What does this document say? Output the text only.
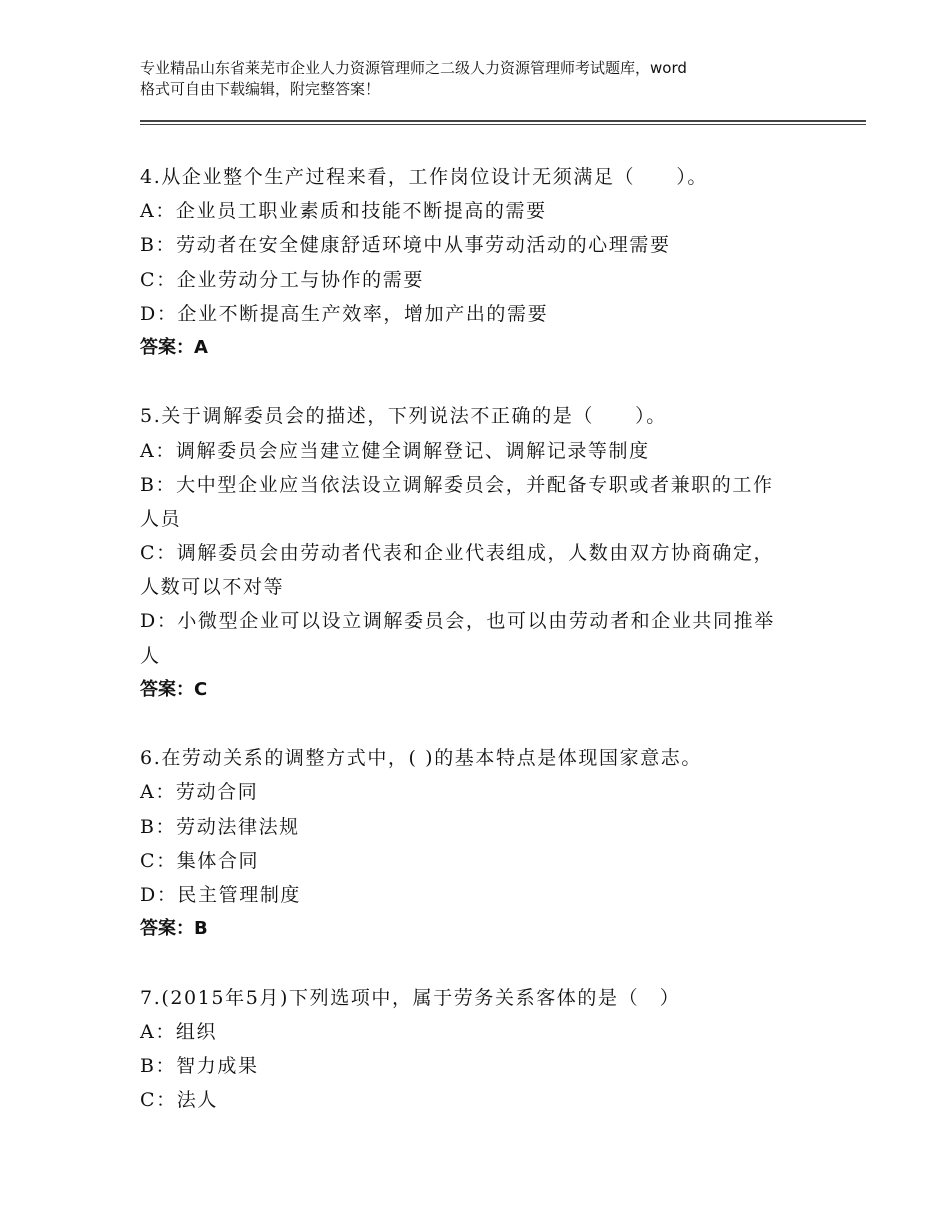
专业精品山东省莱芜市企业人力资源管理师之二级人力资源管理师考试题库，word
格式可自由下载编辑，附完整答案！
4.从企业整个生产过程来看，工作岗位设计无须满足（　　）。
A：企业员工职业素质和技能不断提高的需要
B：劳动者在安全健康舒适环境中从事劳动活动的心理需要
C：企业劳动分工与协作的需要
D：企业不断提高生产效率，增加产出的需要
答案：A
5.关于调解委员会的描述，下列说法不正确的是（　　）。
A：调解委员会应当建立健全调解登记、调解记录等制度
B：大中型企业应当依法设立调解委员会，并配备专职或者兼职的工作
人员
C：调解委员会由劳动者代表和企业代表组成，人数由双方协商确定，
人数可以不对等
D：小微型企业可以设立调解委员会，也可以由劳动者和企业共同推举
人
答案：C
6.在劳动关系的调整方式中，( )的基本特点是体现国家意志。
A：劳动合同
B：劳动法律法规
C：集体合同
D：民主管理制度
答案：B
7.(2015年5月)下列选项中，属于劳务关系客体的是（　）
A：组织
B：智力成果
C：法人
